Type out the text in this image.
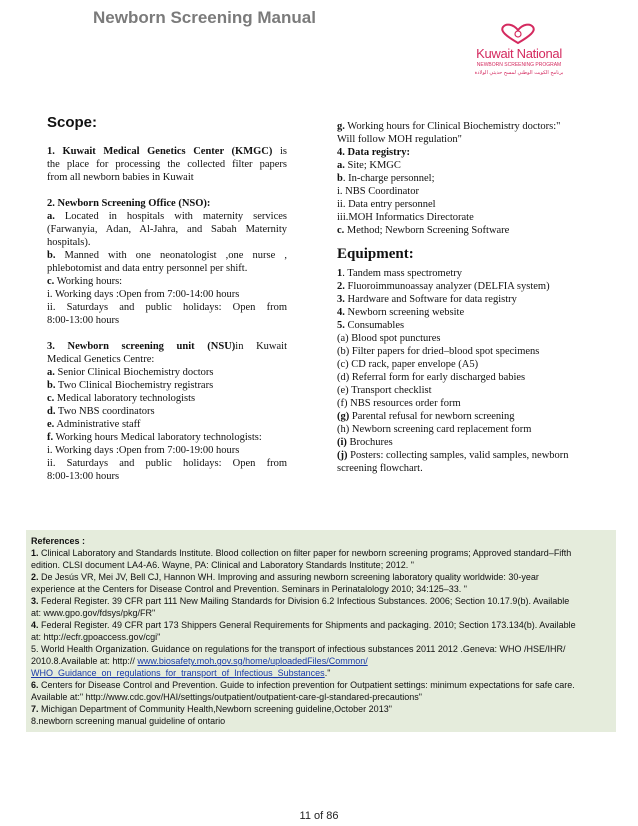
Newborn Screening Manual
Kuwait National
NEWBORN SCREENING PROGRAM
برنامج الكويت الوطني لمسح حديثي الولادة

Scope:

1. Kuwait Medical Genetics Center (KMGC) is

the place for processing the collected filter papers

from all newborn babies in Kuwait

2. Newborn Screening Office (NSO):

a. Located in hospitals with maternity services

(Farwanyia, Adan, Al-Jahra, and Sabah Maternity

hospitals).

b. Manned with one neonatologist ,one nurse ,

phlebotomist and data entry personnel per shift.

c. Working hours:

i. Working days :Open from 7:00-14:00 hours

ii. Saturdays and public holidays: Open from

8:00-13:00 hours

3. Newborn screening unit (NSU)in Kuwait

Medical Genetics Centre:

a. Senior Clinical Biochemistry doctors

b. Two Clinical Biochemistry registrars

c. Medical laboratory technologists

d. Two NBS coordinators

e. Administrative staff

f. Working hours Medical laboratory technologists:

i. Working days :Open from 7:00-19:00 hours

ii. Saturdays and public holidays: Open from

8:00-13:00 hours

g. Working hours for Clinical Biochemistry doctors:"

Will follow MOH regulation"

4. Data registry:

a. Site; KMGC

b. In-charge personnel;

i. NBS Coordinator

ii. Data entry personnel

iii.MOH Informatics Directorate

c. Method; Newborn Screening Software

Equipment:

1. Tandem mass spectrometry

2. Fluoroimmunoassay analyzer (DELFIA system)

3. Hardware and Software for data registry

4. Newborn screening website

5. Consumables

(a) Blood spot punctures

(b) Filter papers for dried–blood spot specimens

(c) CD rack, paper envelope (A5)

(d) Referral form for early discharged babies

(e) Transport checklist

(f) NBS resources order form

(g) Parental refusal for newborn screening

(h) Newborn screening card replacement form

(i) Brochures

(j) Posters: collecting samples, valid samples, newborn

screening flowchart.

References :

1. Clinical Laboratory and Standards Institute. Blood collection on filter paper for newborn screening programs; Approved standard–Fifth

edition. CLSI document LA4-A6. Wayne, PA: Clinical and Laboratory Standards Institute; 2012. "

2. De Jesús VR, Mei JV, Bell CJ, Hannon WH. Improving and assuring newborn screening laboratory quality worldwide: 30-year

experience at the Centers for Disease Control and Prevention. Seminars in Perinatalology 2010; 34:125–33. "

3. Federal Register. 39 CFR part 111 New Mailing Standards for Division 6.2 Infectious Substances. 2006; Section 10.17.9(b). Available

at: www.gpo.gov/fdsys/pkg/FR"

4. Federal Register. 49 CFR part 173 Shippers General Requirements for Shipments and packaging. 2010; Section 173.134(b). Available

at: http://ecfr.gpoaccess.gov/cgi"

5. World Health Organization. Guidance on regulations for the transport of infectious substances 2011 2012 .Geneva: WHO /HSE/IHR/

2010.8.Available at: http:// www.biosafety.moh.gov.sg/home/uploadedFiles/Common/

WHO_Guidance_on_regulations_for_transport_of_Infectious_Substances."

6. Centers for Disease Control and Prevention. Guide to infection prevention for Outpatient settings: minimum expectations for safe care.

Available at:" http://www.cdc.gov/HAI/settings/outpatient/outpatient-care-gl-standared-precautions"

7. Michigan Department of Community Health,Newborn screening guideline,October 2013"

8.newborn screening manual guideline of ontario

11 of 86
